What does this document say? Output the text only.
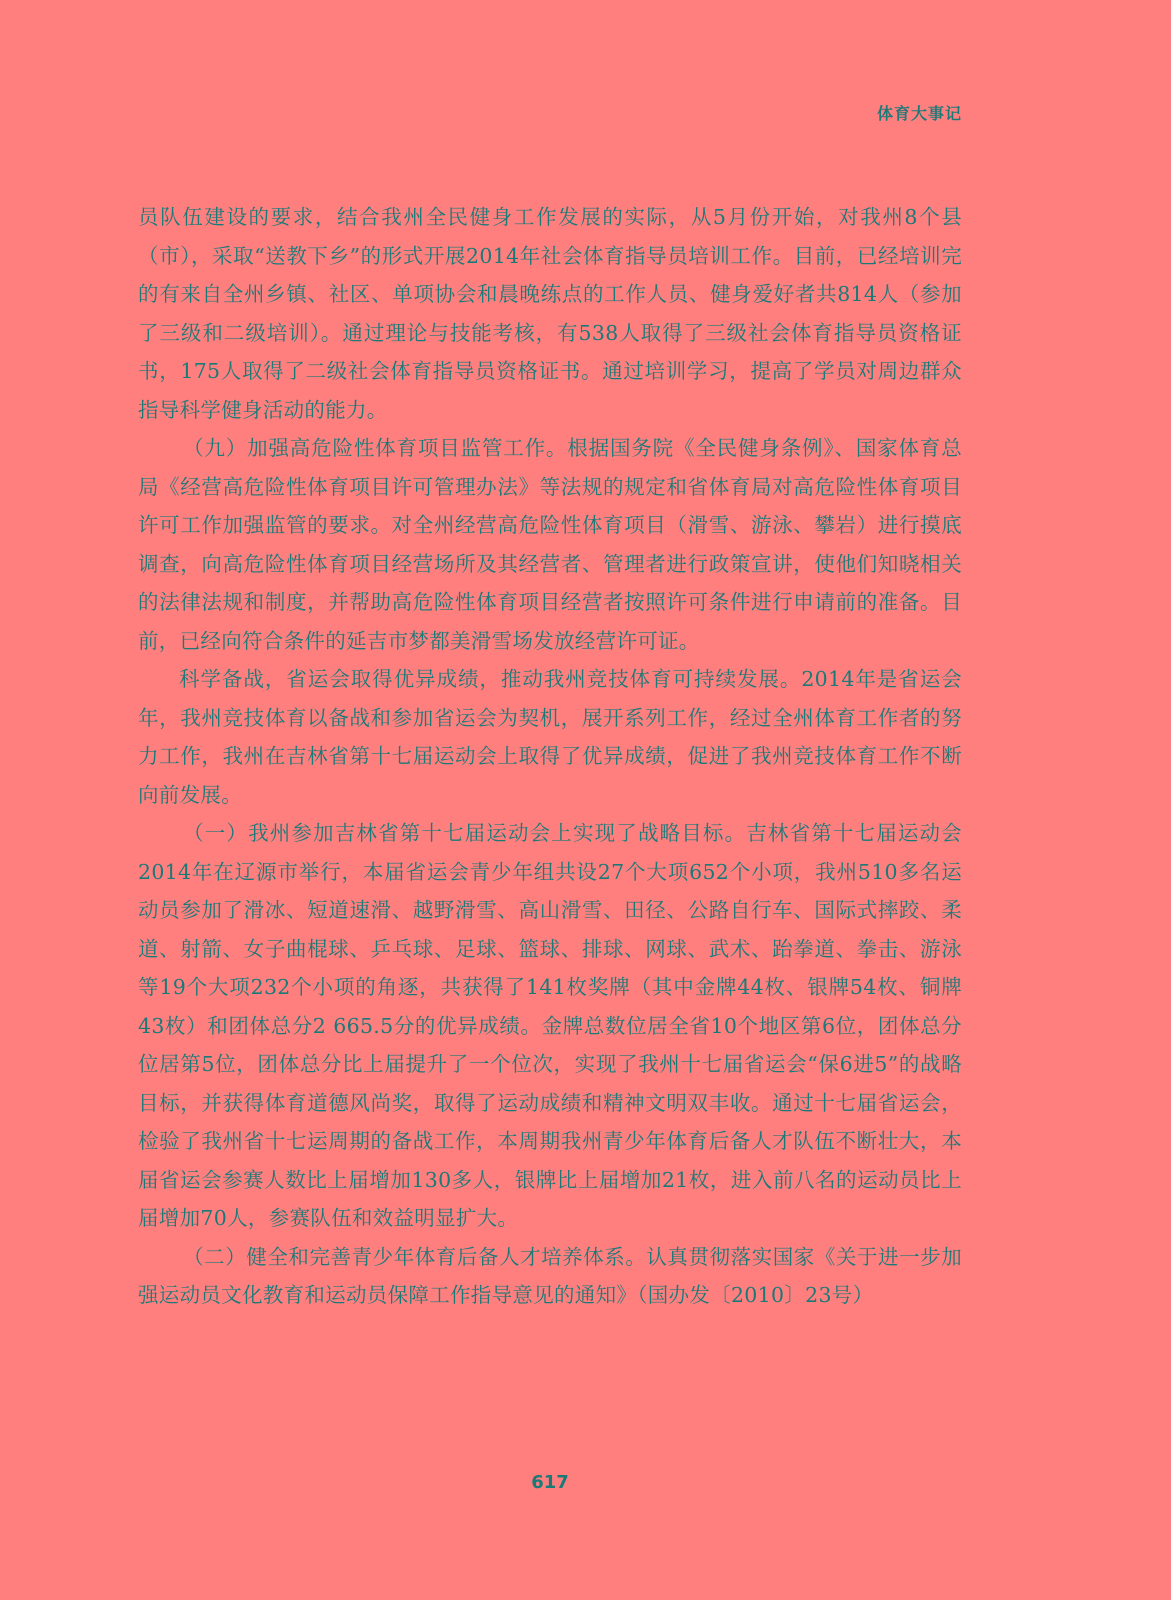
体育大事记

员队伍建设的要求，结合我州全民健身工作发展的实际，从5月份开始，对我州8个县（市），采取“送教下乡”的形式开展2014年社会体育指导员培训工作。目前，已经培训完的有来自全州乡镇、社区、单项协会和晨晚练点的工作人员、健身爱好者共814人（参加了三级和二级培训）。通过理论与技能考核，有538人取得了三级社会体育指导员资格证书，175人取得了二级社会体育指导员资格证书。通过培训学习，提高了学员对周边群众指导科学健身活动的能力。

（九）加强高危险性体育项目监管工作。根据国务院《全民健身条例》、国家体育总局《经营高危险性体育项目许可管理办法》等法规的规定和省体育局对高危险性体育项目许可工作加强监管的要求。对全州经营高危险性体育项目（滑雪、游泳、攀岩）进行摸底调查，向高危险性体育项目经营场所及其经营者、管理者进行政策宣讲，使他们知晓相关的法律法规和制度，并帮助高危险性体育项目经营者按照许可条件进行申请前的准备。目前，已经向符合条件的延吉市梦都美滑雪场发放经营许可证。

科学备战，省运会取得优异成绩，推动我州竞技体育可持续发展。2014年是省运会年，我州竞技体育以备战和参加省运会为契机，展开系列工作，经过全州体育工作者的努力工作，我州在吉林省第十七届运动会上取得了优异成绩，促进了我州竞技体育工作不断向前发展。

（一）我州参加吉林省第十七届运动会上实现了战略目标。吉林省第十七届运动会2014年在辽源市举行，本届省运会青少年组共设27个大项652个小项，我州510多名运动员参加了滑冰、短道速滑、越野滑雪、高山滑雪、田径、公路自行车、国际式摔跤、柔道、射箭、女子曲棍球、乒乓球、足球、篮球、排球、网球、武术、跆拳道、拳击、游泳等19个大项232个小项的角逐，共获得了141枚奖牌（其中金牌44枚、银牌54枚、铜牌43枚）和团体总分2 665.5分的优异成绩。金牌总数位居全省10个地区第6位，团体总分位居第5位，团体总分比上届提升了一个位次，实现了我州十七届省运会“保6进5”的战略目标，并获得体育道德风尚奖，取得了运动成绩和精神文明双丰收。通过十七届省运会，检验了我州省十七运周期的备战工作，本周期我州青少年体育后备人才队伍不断壮大，本届省运会参赛人数比上届增加130多人，银牌比上届增加21枚，进入前八名的运动员比上届增加70人，参赛队伍和效益明显扩大。

（二）健全和完善青少年体育后备人才培养体系。认真贯彻落实国家《关于进一步加强运动员文化教育和运动员保障工作指导意见的通知》（国办发〔2010〕23号）

617
